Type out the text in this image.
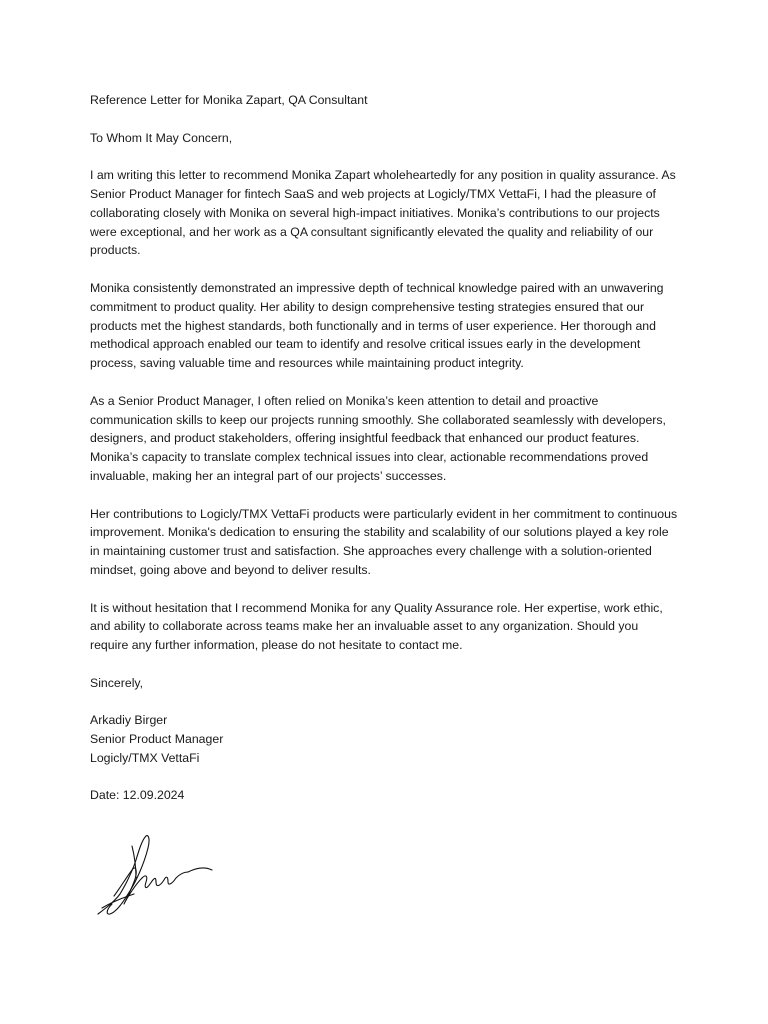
Reference Letter for Monika Zapart, QA Consultant

To Whom It May Concern,

I am writing this letter to recommend Monika Zapart wholeheartedly for any position in quality assurance. As Senior Product Manager for fintech SaaS and web projects at Logicly/TMX VettaFi, I had the pleasure of collaborating closely with Monika on several high-impact initiatives. Monika’s contributions to our projects were exceptional, and her work as a QA consultant significantly elevated the quality and reliability of our products.

Monika consistently demonstrated an impressive depth of technical knowledge paired with an unwavering commitment to product quality. Her ability to design comprehensive testing strategies ensured that our products met the highest standards, both functionally and in terms of user experience. Her thorough and methodical approach enabled our team to identify and resolve critical issues early in the development process, saving valuable time and resources while maintaining product integrity.

As a Senior Product Manager, I often relied on Monika’s keen attention to detail and proactive communication skills to keep our projects running smoothly. She collaborated seamlessly with developers, designers, and product stakeholders, offering insightful feedback that enhanced our product features. Monika’s capacity to translate complex technical issues into clear, actionable recommendations proved invaluable, making her an integral part of our projects’ successes.

Her contributions to Logicly/TMX VettaFi products were particularly evident in her commitment to continuous improvement. Monika's dedication to ensuring the stability and scalability of our solutions played a key role in maintaining customer trust and satisfaction. She approaches every challenge with a solution-oriented mindset, going above and beyond to deliver results.

It is without hesitation that I recommend Monika for any Quality Assurance role. Her expertise, work ethic, and ability to collaborate across teams make her an invaluable asset to any organization. Should you require any further information, please do not hesitate to contact me.

Sincerely,

Arkadiy Birger
Senior Product Manager
Logicly/TMX VettaFi

Date: 12.09.2024
